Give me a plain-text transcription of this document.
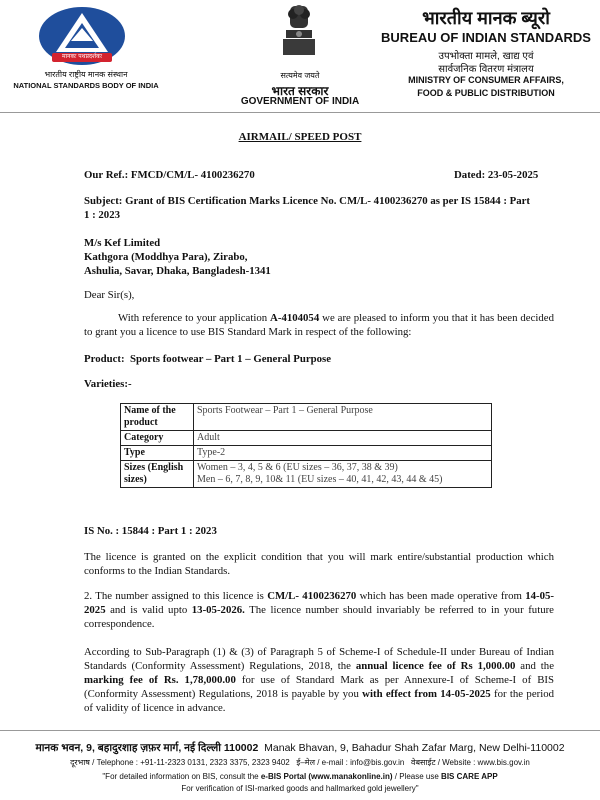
मानकः पथप्रदर्शकः
भारतीय राष्ट्रीय मानक संस्थान
NATIONAL STANDARDS BODY OF INDIA
सत्यमेव जयते
भारत सरकार
GOVERNMENT OF INDIA
भारतीय मानक ब्यूरो
BUREAU OF INDIAN STANDARDS
उपभोक्ता मामले, खाद्य एवं
सार्वजनिक वितरण मंत्रालय
MINISTRY OF CONSUMER AFFAIRS,
FOOD & PUBLIC DISTRIBUTION
AIRMAIL/ SPEED POST
Our Ref.: FMCD/CM/L- 4100236270	Dated: 23-05-2025
Subject: Grant of BIS Certification Marks Licence No. CM/L- 4100236270 as per IS 15844 : Part
1 : 2023
M/s Kef Limited
Kathgora (Moddhya Para), Zirabo,
Ashulia, Savar, Dhaka, Bangladesh-1341
Dear Sir(s),
With reference to your application A-4104054 we are pleased to inform you that it has been decided to grant you a licence to use BIS Standard Mark in respect of the following:
Product: Sports footwear – Part 1 – General Purpose
Varieties:-
Name of the product	Sports Footwear – Part 1 – General Purpose

Category	Adult

Type	Type-2

Sizes (English sizes)	Women – 3, 4, 5 & 6 (EU sizes – 36, 37, 38 & 39)
Men – 6, 7, 8, 9, 10& 11 (EU sizes – 40, 41, 42, 43, 44 & 45)
IS No. : 15844 : Part 1 : 2023
The licence is granted on the explicit condition that you will mark entire/substantial production which conforms to the Indian Standards.
2. The number assigned to this licence is CM/L- 4100236270 which has been made operative from 14-05-2025 and is valid upto 13-05-2026. The licence number should invariably be referred to in your future correspondence.
According to Sub-Paragraph (1) & (3) of Paragraph 5 of Scheme-I of Schedule-II under Bureau of Indian Standards (Conformity Assessment) Regulations, 2018, the annual licence fee of Rs 1,000.00 and the marking fee of Rs. 1,78,000.00 for use of Standard Mark as per Annexure-I of Scheme-I of BIS (Conformity Assessment) Regulations, 2018 is payable by you with effect from 14-05-2025 for the period of validity of licence in advance.
मानक भवन, 9, बहादुरशाह ज़फ़र मार्ग, नई दिल्ली 110002 Manak Bhavan, 9, Bahadur Shah Zafar Marg, New Delhi-110002
दूरभाष / Telephone : +91-11-2323 0131, 2323 3375, 2323 9402 ई–मेल / e-mail : info@bis.gov.in वेबसाईट / Website : www.bis.gov.in
"For detailed information on BIS, consult the e-BIS Portal (www.manakonline.in) / Please use BIS CARE APP
For verification of ISI-marked goods and hallmarked gold jewellery"
